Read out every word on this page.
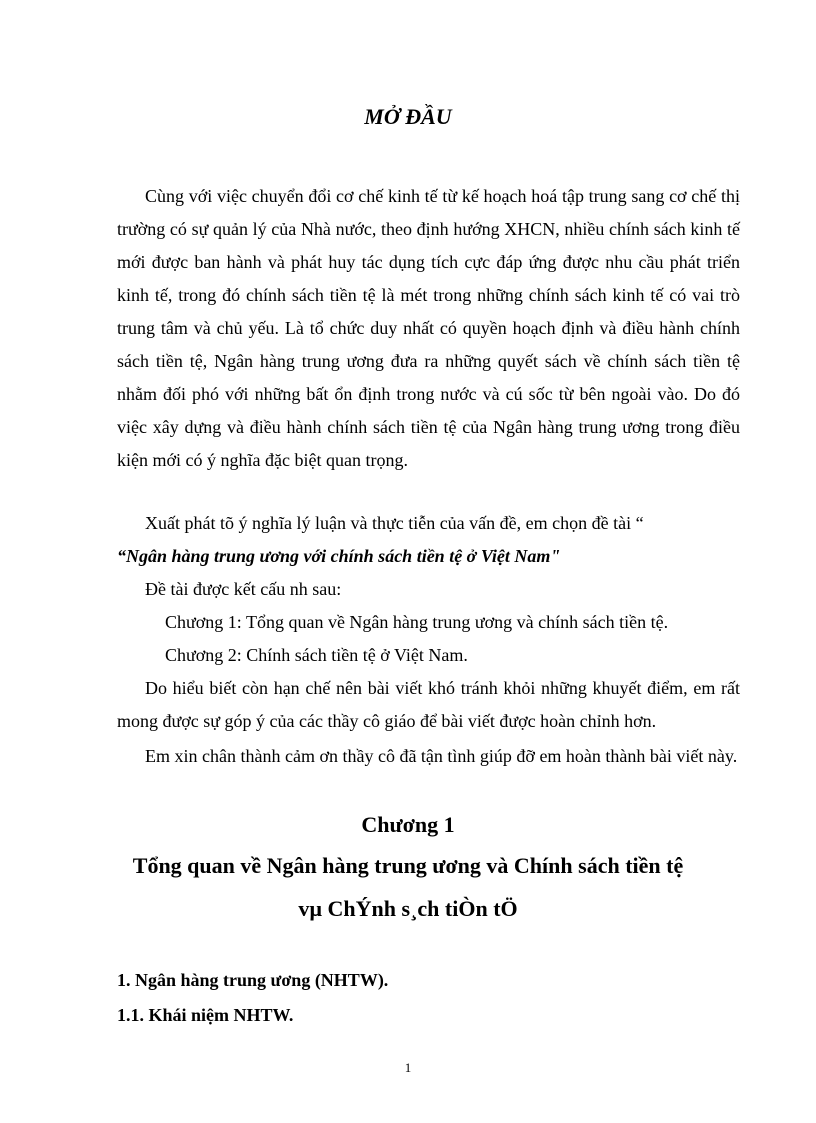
MỞ ĐẦU

Cùng với việc chuyển đổi cơ chế kinh tế từ kế hoạch hoá tập trung sang cơ chế thị trường có sự quản lý của Nhà nước, theo định hướng XHCN, nhiều chính sách kinh tế mới được ban hành và phát huy tác dụng tích cực đáp ứng được nhu cầu phát triển kinh tế, trong đó chính sách tiền tệ là mét trong những chính sách kinh tế có vai trò trung tâm và chủ yếu. Là tổ chức duy nhất có quyền hoạch định và điều hành chính sách tiền tệ, Ngân hàng trung ương đưa ra những quyết sách về chính sách tiền tệ nhằm đối phó với những bất ổn định trong nước và cú sốc từ bên ngoài vào. Do đó việc xây dựng và điều hành chính sách tiền tệ của Ngân hàng trung ương trong điều kiện mới có ý nghĩa đặc biệt quan trọng.

Xuất phát tõ ý nghĩa lý luận và thực tiễn của vấn đề, em chọn đề tài “

“Ngân hàng trung ương với chính sách tiền tệ ở Việt Nam"

Đề tài được kết cấu nh sau:

Chương 1: Tổng quan về Ngân hàng trung ương và chính sách tiền tệ.

Chương 2: Chính sách tiền tệ ở Việt Nam.

Do hiểu biết còn hạn chế nên bài viết khó tránh khỏi những khuyết điểm, em rất mong được sự góp ý của các thầy cô giáo để bài viết được hoàn chỉnh hơn.

Em xin chân thành cảm ơn thầy cô đã tận tình giúp đỡ em hoàn thành bài viết này.

Chương 1
Tổng quan về Ngân hàng trung ương và Chính sách tiền tệ
vµ ChÝnh s¸ch tiÒn tÖ
1. Ngân hàng trung ương (NHTW).
1.1. Khái niệm NHTW.
1
